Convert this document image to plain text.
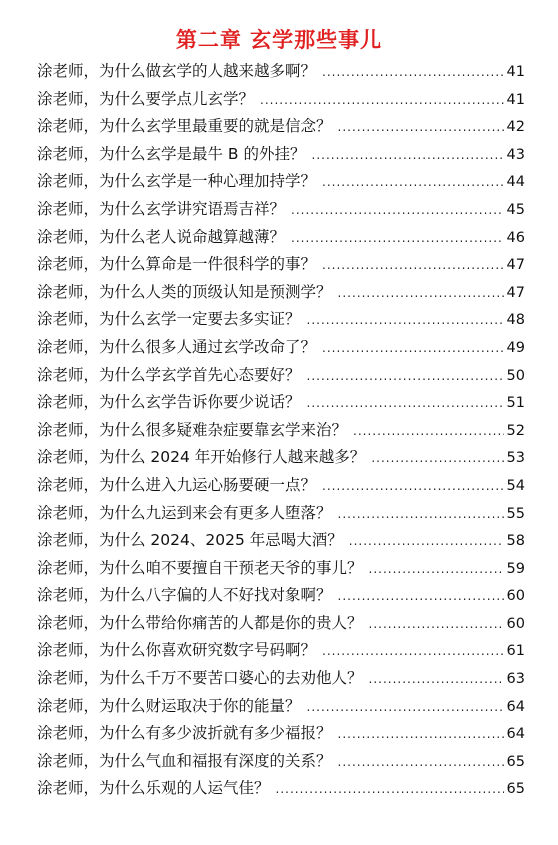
第二章 玄学那些事儿
涂老师，为什么做玄学的人越来越多啊？ .....	41
涂老师，为什么要学点儿玄学？ .....	41
涂老师，为什么玄学里最重要的就是信念？ .....	42
涂老师，为什么玄学是最牛 B 的外挂？ .....	43
涂老师，为什么玄学是一种心理加持学？ .....	44
涂老师，为什么玄学讲究语焉吉祥？ .....	45
涂老师，为什么老人说命越算越薄？ .....	46
涂老师，为什么算命是一件很科学的事？ .....	47
涂老师，为什么人类的顶级认知是预测学？ .....	47
涂老师，为什么玄学一定要去多实证？ .....	48
涂老师，为什么很多人通过玄学改命了？ .....	49
涂老师，为什么学玄学首先心态要好？ .....	50
涂老师，为什么玄学告诉你要少说话？ .....	51
涂老师，为什么很多疑难杂症要靠玄学来治？ .....	52
涂老师，为什么 2024 年开始修行人越来越多？ .....	53
涂老师，为什么进入九运心肠要硬一点？ .....	54
涂老师，为什么九运到来会有更多人堕落？ .....	55
涂老师，为什么 2024、2025 年忌喝大酒？ .....	58
涂老师，为什么咱不要擅自干预老天爷的事儿？ .....	59
涂老师，为什么八字偏的人不好找对象啊？ .....	60
涂老师，为什么带给你痛苦的人都是你的贵人？ .....	60
涂老师，为什么你喜欢研究数字号码啊？ .....	61
涂老师，为什么千万不要苦口婆心的去劝他人？ .....	63
涂老师，为什么财运取决于你的能量？ .....	64
涂老师，为什么有多少波折就有多少福报？ .....	64
涂老师，为什么气血和福报有深度的关系？ .....	65
涂老师，为什么乐观的人运气佳？ .....	65
